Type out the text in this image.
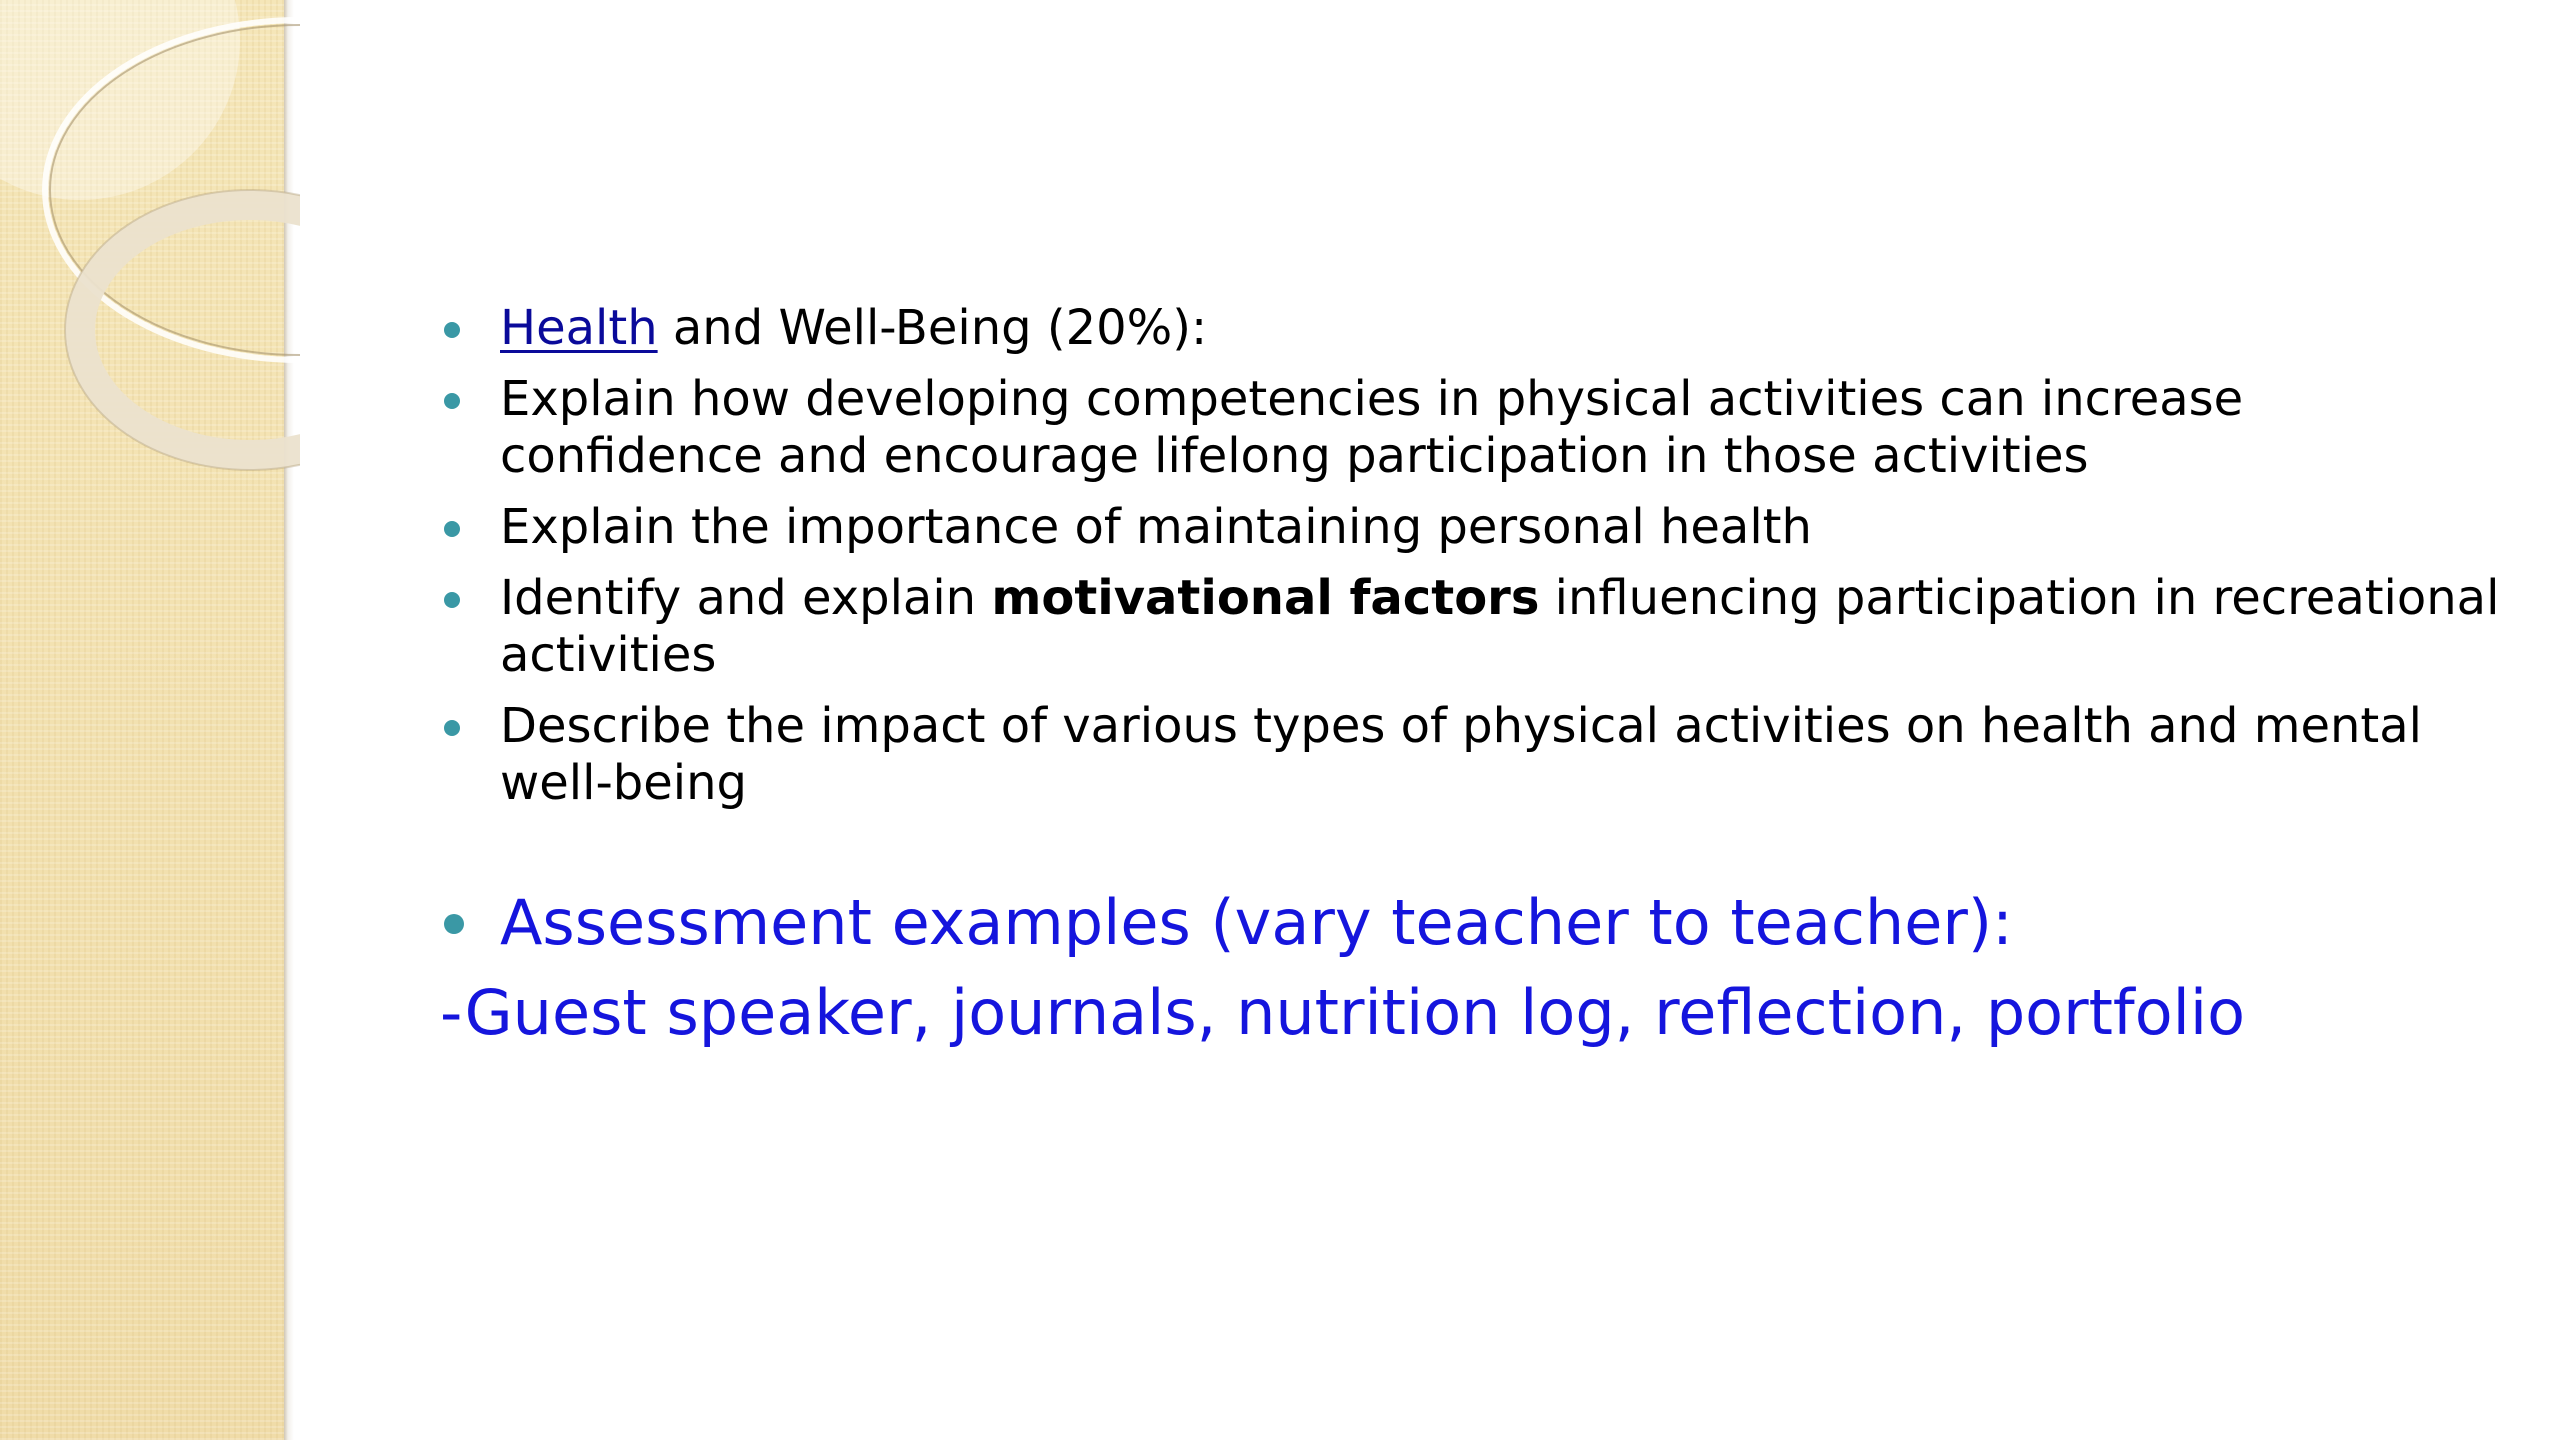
Health and Well-Being (20%):
Explain how developing competencies in physical activities can increase confidence and encourage lifelong participation in those activities
Explain the importance of maintaining personal health
Identify and explain motivational factors influencing participation in recreational activities
Describe the impact of various types of physical activities on health and mental well-being
Assessment examples (vary teacher to teacher):
-Guest speaker, journals, nutrition log, reflection, portfolio
